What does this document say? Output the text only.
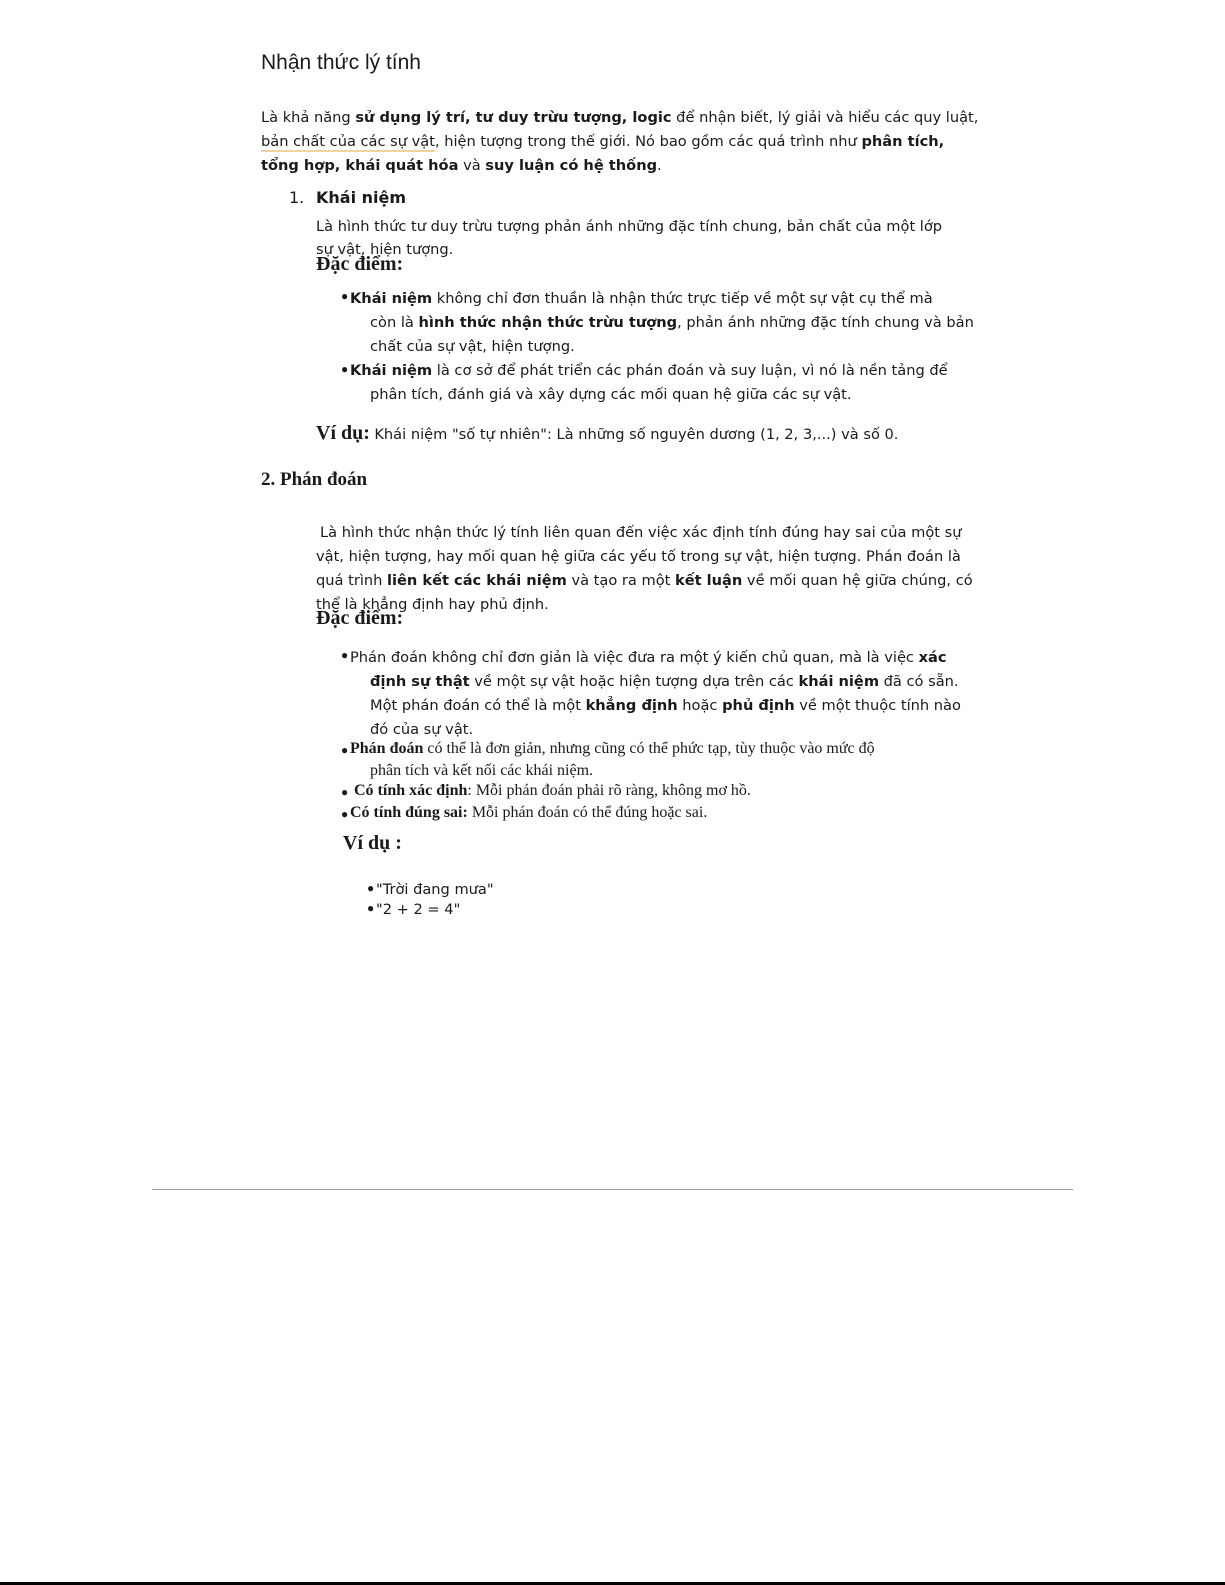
Nhận thức lý tính
Là khả năng sử dụng lý trí, tư duy trừu tượng, logic để nhận biết, lý giải và hiểu các quy luật,
bản chất của các sự vật, hiện tượng trong thế giới. Nó bao gồm các quá trình như phân tích,
tổng hợp, khái quát hóa và suy luận có hệ thống.
1. Khái niệm
Là hình thức tư duy trừu tượng phản ánh những đặc tính chung, bản chất của một lớp
sự vật, hiện tượng.
Đặc điểm:
● Khái niệm không chỉ đơn thuần là nhận thức trực tiếp về một sự vật cụ thể mà
còn là hình thức nhận thức trừu tượng, phản ánh những đặc tính chung và bản
chất của sự vật, hiện tượng.
● Khái niệm là cơ sở để phát triển các phán đoán và suy luận, vì nó là nền tảng để
phân tích, đánh giá và xây dựng các mối quan hệ giữa các sự vật.
Ví dụ: Khái niệm "số tự nhiên": Là những số nguyên dương (1, 2, 3,...) và số 0.
2. Phán đoán
Là hình thức nhận thức lý tính liên quan đến việc xác định tính đúng hay sai của một sự
vật, hiện tượng, hay mối quan hệ giữa các yếu tố trong sự vật, hiện tượng. Phán đoán là
quá trình liên kết các khái niệm và tạo ra một kết luận về mối quan hệ giữa chúng, có
thể là khẳng định hay phủ định.
Đặc điểm:
● Phán đoán không chỉ đơn giản là việc đưa ra một ý kiến chủ quan, mà là việc xác
định sự thật về một sự vật hoặc hiện tượng dựa trên các khái niệm đã có sẵn.
Một phán đoán có thể là một khẳng định hoặc phủ định về một thuộc tính nào
đó của sự vật.
● Phán đoán có thể là đơn giản, nhưng cũng có thể phức tạp, tùy thuộc vào mức độ
phân tích và kết nối các khái niệm.
● Có tính xác định: Mỗi phán đoán phải rõ ràng, không mơ hồ.
● Có tính đúng sai: Mỗi phán đoán có thể đúng hoặc sai.
Ví dụ :
● "Trời đang mưa"
● "2 + 2 = 4"
